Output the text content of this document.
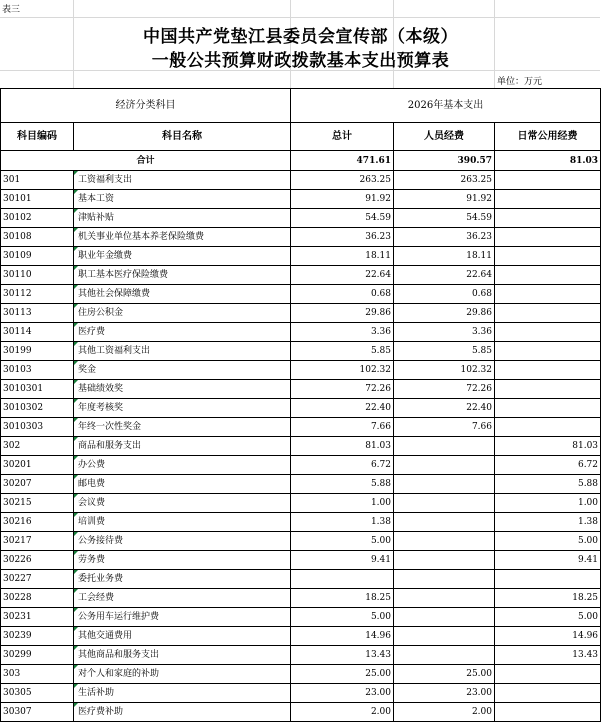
表三
中国共产党垫江县委员会宣传部（本级）
一般公共预算财政拨款基本支出预算表
单位：万元
经济分类科目		2026年基本支出		
科目编码	科目名称	总计	人员经费	日常公用经费
合计		471.61	390.57	81.03
301	工资福利支出	263.25	263.25	
30101	基本工资	91.92	91.92	
30102	津贴补贴	54.59	54.59	
30108	机关事业单位基本养老保险缴费	36.23	36.23	
30109	职业年金缴费	18.11	18.11	
30110	职工基本医疗保险缴费	22.64	22.64	
30112	其他社会保障缴费	0.68	0.68	
30113	住房公积金	29.86	29.86	
30114	医疗费	3.36	3.36	
30199	其他工资福利支出	5.85	5.85	
30103	奖金	102.32	102.32	
3010301	基础绩效奖	72.26	72.26	
3010302	年度考核奖	22.40	22.40	
3010303	年终一次性奖金	7.66	7.66	
302	商品和服务支出	81.03		81.03
30201	办公费	6.72		6.72
30207	邮电费	5.88		5.88
30215	会议费	1.00		1.00
30216	培训费	1.38		1.38
30217	公务接待费	5.00		5.00
30226	劳务费	9.41		9.41
30227	委托业务费			
30228	工会经费	18.25		18.25
30231	公务用车运行维护费	5.00		5.00
30239	其他交通费用	14.96		14.96
30299	其他商品和服务支出	13.43		13.43
303	对个人和家庭的补助	25.00	25.00	
30305	生活补助	23.00	23.00	
30307	医疗费补助	2.00	2.00	
